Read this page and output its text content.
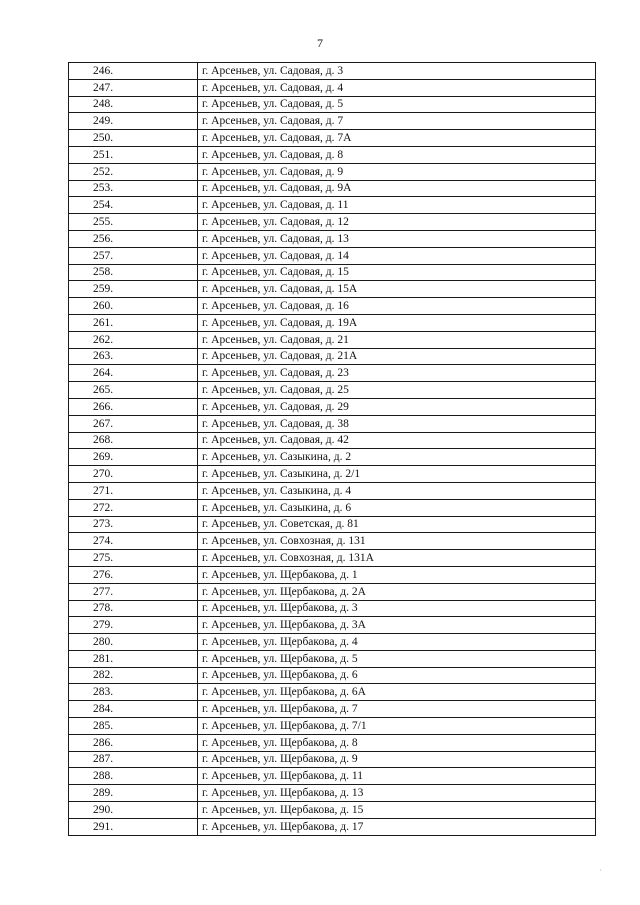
7
246.	г. Арсеньев, ул. Садовая, д. 3
247.	г. Арсеньев, ул. Садовая, д. 4
248.	г. Арсеньев, ул. Садовая, д. 5
249.	г. Арсеньев, ул. Садовая, д. 7
250.	г. Арсеньев, ул. Садовая, д. 7А
251.	г. Арсеньев, ул. Садовая, д. 8
252.	г. Арсеньев, ул. Садовая, д. 9
253.	г. Арсеньев, ул. Садовая, д. 9А
254.	г. Арсеньев, ул. Садовая, д. 11
255.	г. Арсеньев, ул. Садовая, д. 12
256.	г. Арсеньев, ул. Садовая, д. 13
257.	г. Арсеньев, ул. Садовая, д. 14
258.	г. Арсеньев, ул. Садовая, д. 15
259.	г. Арсеньев, ул. Садовая, д. 15А
260.	г. Арсеньев, ул. Садовая, д. 16
261.	г. Арсеньев, ул. Садовая, д. 19А
262.	г. Арсеньев, ул. Садовая, д. 21
263.	г. Арсеньев, ул. Садовая, д. 21А
264.	г. Арсеньев, ул. Садовая, д. 23
265.	г. Арсеньев, ул. Садовая, д. 25
266.	г. Арсеньев, ул. Садовая, д. 29
267.	г. Арсеньев, ул. Садовая, д. 38
268.	г. Арсеньев, ул. Садовая, д. 42
269.	г. Арсеньев, ул. Сазыкина, д. 2
270.	г. Арсеньев, ул. Сазыкина, д. 2/1
271.	г. Арсеньев, ул. Сазыкина, д. 4
272.	г. Арсеньев, ул. Сазыкина, д. 6
273.	г. Арсеньев, ул. Советская, д. 81
274.	г. Арсеньев, ул. Совхозная, д. 131
275.	г. Арсеньев, ул. Совхозная, д. 131А
276.	г. Арсеньев, ул. Щербакова, д. 1
277.	г. Арсеньев, ул. Щербакова, д. 2А
278.	г. Арсеньев, ул. Щербакова, д. 3
279.	г. Арсеньев, ул. Щербакова, д. 3А
280.	г. Арсеньев, ул. Щербакова, д. 4
281.	г. Арсеньев, ул. Щербакова, д. 5
282.	г. Арсеньев, ул. Щербакова, д. 6
283.	г. Арсеньев, ул. Щербакова, д. 6А
284.	г. Арсеньев, ул. Щербакова, д. 7
285.	г. Арсеньев, ул. Щербакова, д. 7/1
286.	г. Арсеньев, ул. Щербакова, д. 8
287.	г. Арсеньев, ул. Щербакова, д. 9
288.	г. Арсеньев, ул. Щербакова, д. 11
289.	г. Арсеньев, ул. Щербакова, д. 13
290.	г. Арсеньев, ул. Щербакова, д. 15
291.	г. Арсеньев, ул. Щербакова, д. 17
·
